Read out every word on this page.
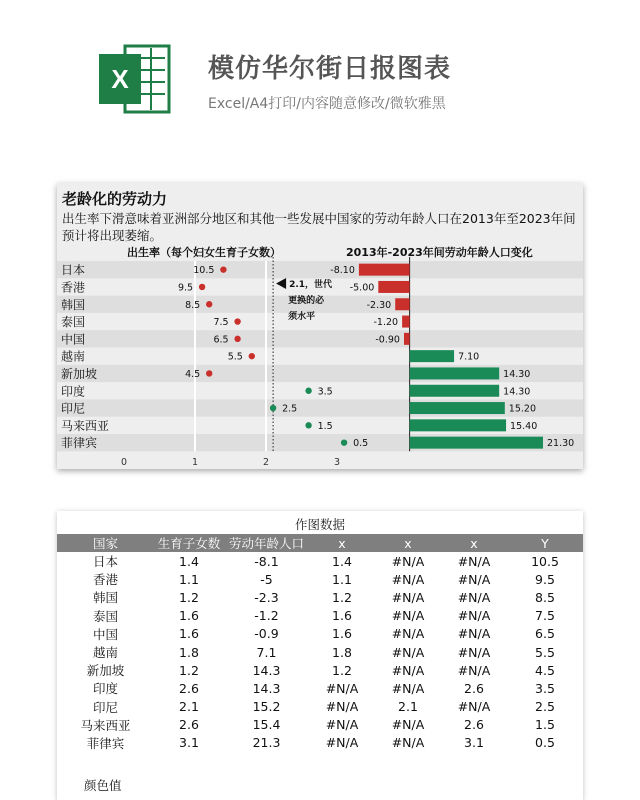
X	模仿华尔街日报图表
Excel/A4打印/内容随意修改/微软雅黑
老龄化的劳动力
出生率下滑意味着亚洲部分地区和其他一些发展中国家的劳动年龄人口在2013年至2023年间预计将出现萎缩。
出生率（每个妇女生育子女数）	2013年-2023年间劳动年龄人口变化
0	1	2	3
2.1，世代
更换的必
须水平
日本	10.5	-8.10
香港	9.5	-5.00
韩国	8.5	-2.30
泰国	7.5	-1.20
中国	6.5	-0.90
越南	5.5	7.10
新加坡	4.5	14.30
印度	3.5	14.30
印尼	2.5	15.20
马来西亚	1.5	15.40
菲律宾	0.5	21.30
作图数据
国家	生育子女数	劳动年龄人口	x	x	x	Y
日本	1.4	-8.1	1.4	#N/A	#N/A	10.5
香港	1.1	-5	1.1	#N/A	#N/A	9.5
韩国	1.2	-2.3	1.2	#N/A	#N/A	8.5
泰国	1.6	-1.2	1.6	#N/A	#N/A	7.5
中国	1.6	-0.9	1.6	#N/A	#N/A	6.5
越南	1.8	7.1	1.8	#N/A	#N/A	5.5
新加坡	1.2	14.3	1.2	#N/A	#N/A	4.5
印度	2.6	14.3	#N/A	#N/A	2.6	3.5
印尼	2.1	15.2	#N/A	2.1	#N/A	2.5
马来西亚	2.6	15.4	#N/A	#N/A	2.6	1.5
菲律宾	3.1	21.3	#N/A	#N/A	3.1	0.5
颜色值
